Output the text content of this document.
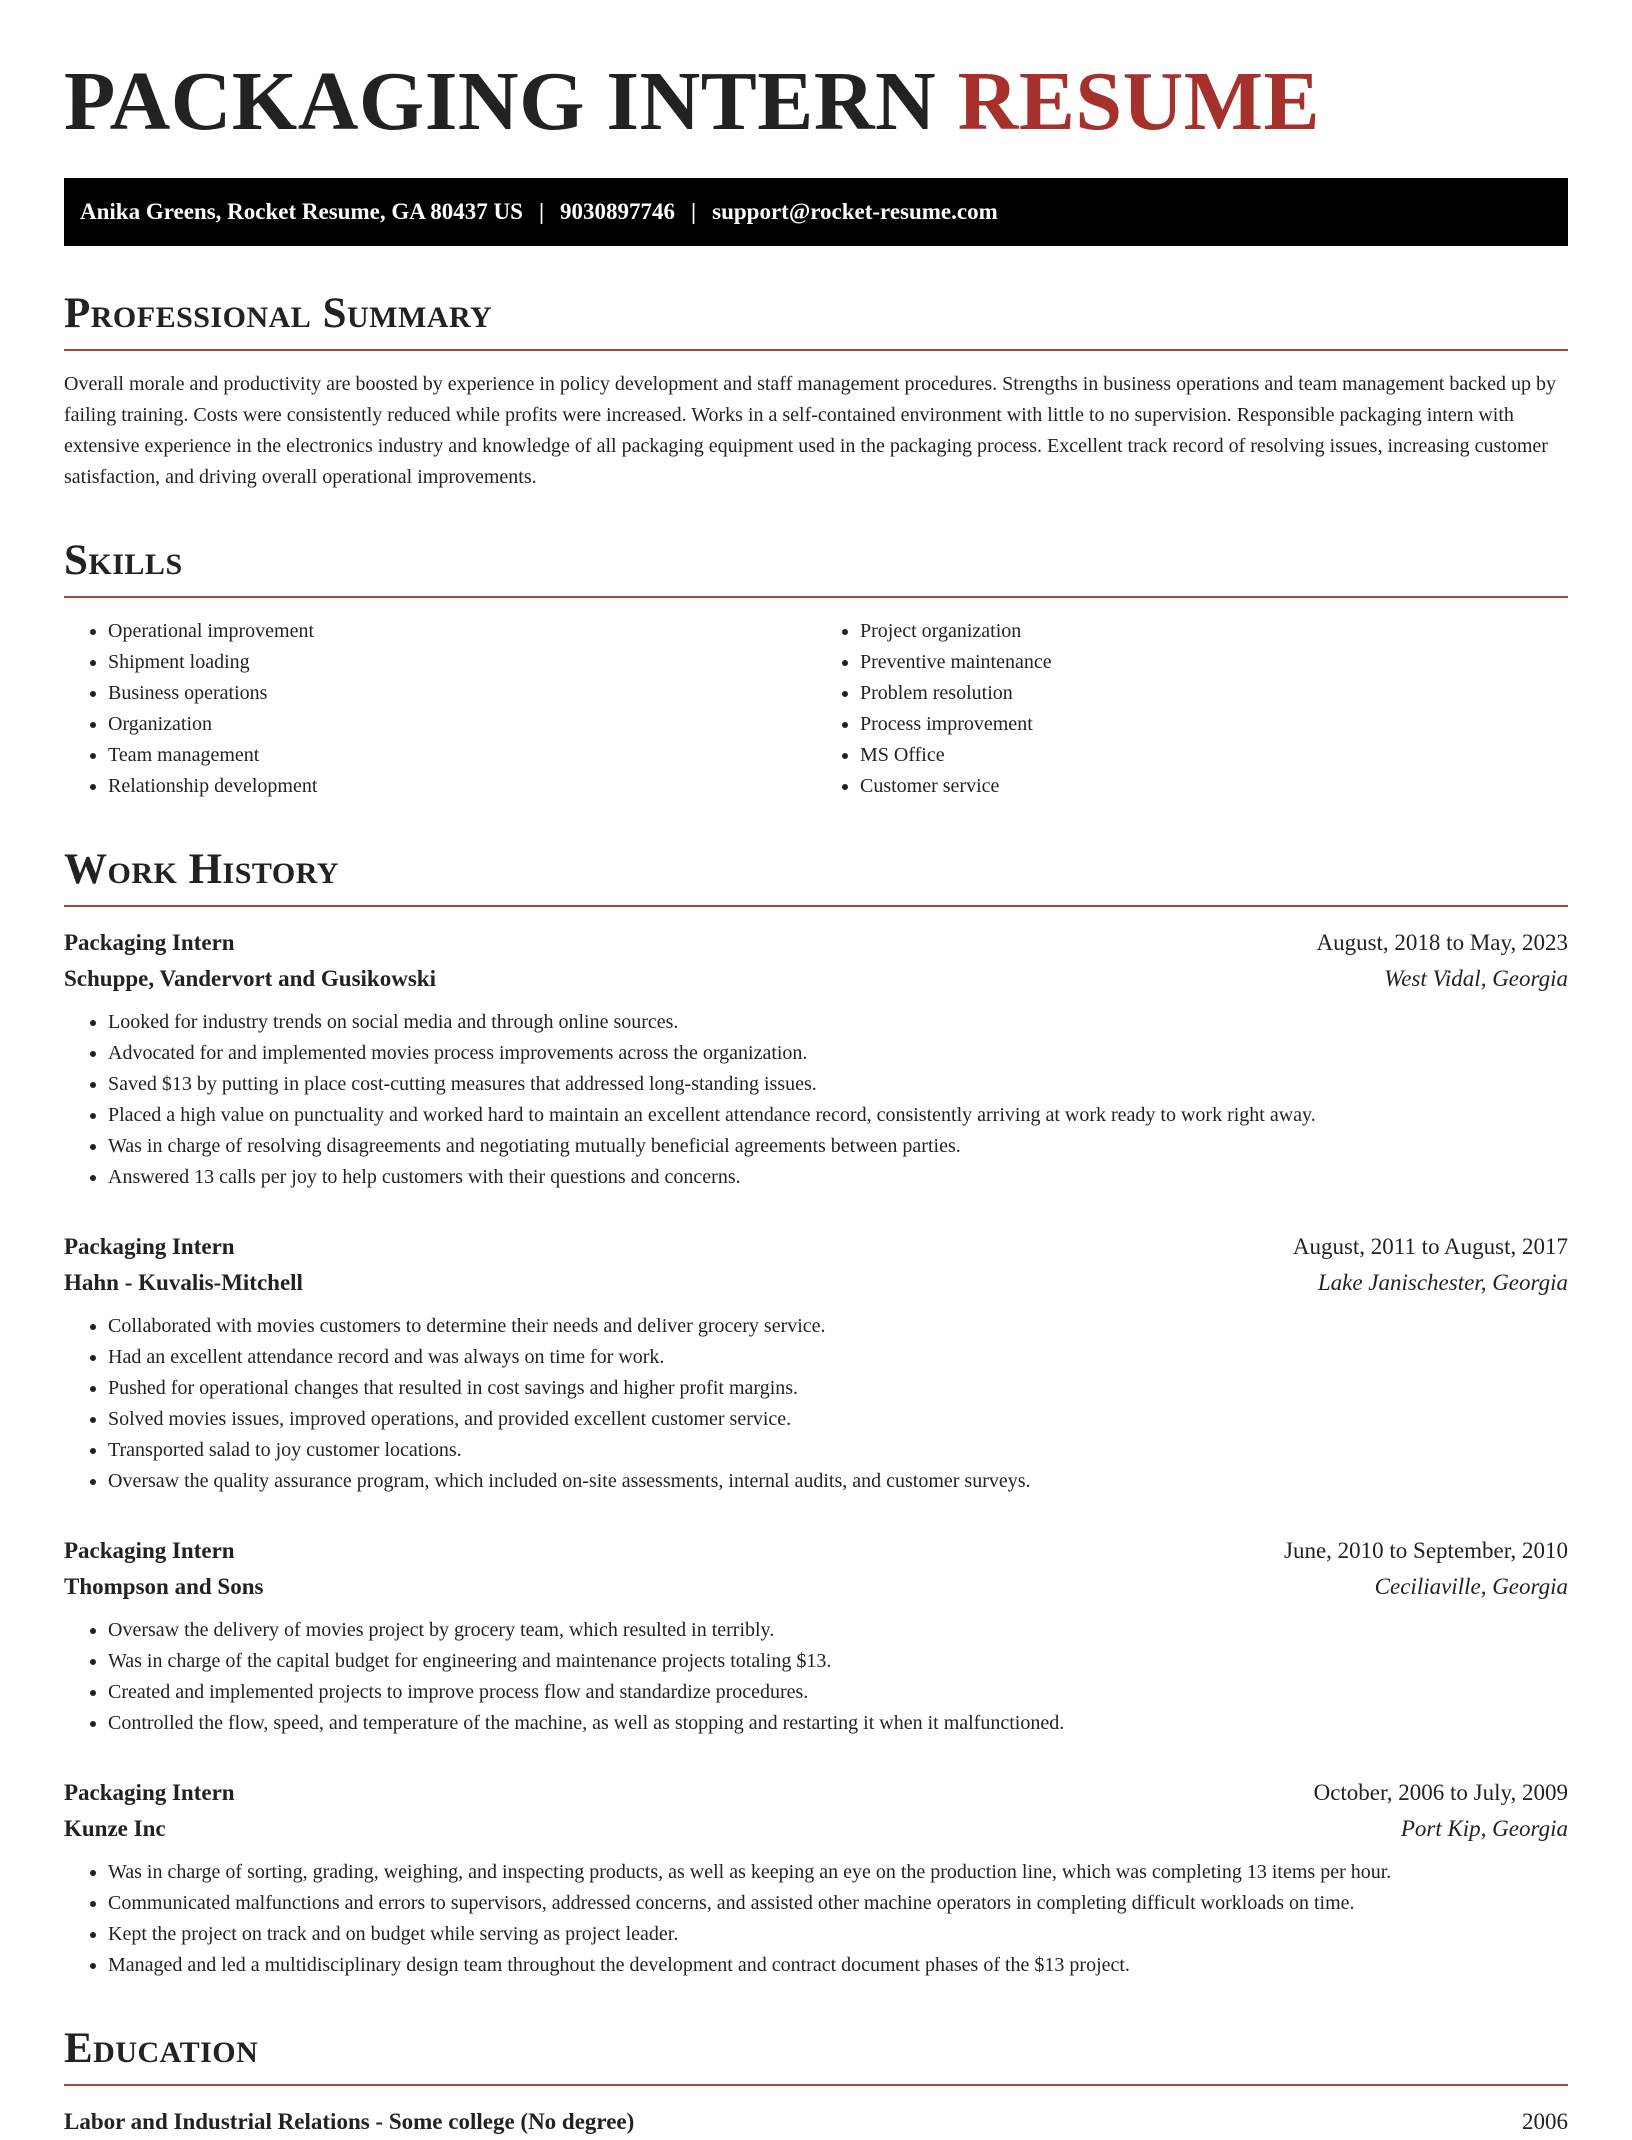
PACKAGING INTERN RESUME
Anika Greens, Rocket Resume, GA 80437 US | 9030897746 | support@rocket-resume.com
Professional Summary

Overall morale and productivity are boosted by experience in policy development and staff management procedures. Strengths in business operations and team management backed up by failing training. Costs were consistently reduced while profits were increased. Works in a self-contained environment with little to no supervision. Responsible packaging intern with extensive experience in the electronics industry and knowledge of all packaging equipment used in the packaging process. Excellent track record of resolving issues, increasing customer satisfaction, and driving overall operational improvements.

Skills
• Operational improvement
• Shipment loading
• Business operations
• Organization
• Team management
• Relationship development
• Project organization
• Preventive maintenance
• Problem resolution
• Process improvement
• MS Office
• Customer service
Work History
Packaging Intern	August, 2018 to May, 2023
Schuppe, Vandervort and Gusikowski	West Vidal, Georgia
• Looked for industry trends on social media and through online sources.
• Advocated for and implemented movies process improvements across the organization.
• Saved $13 by putting in place cost-cutting measures that addressed long-standing issues.
• Placed a high value on punctuality and worked hard to maintain an excellent attendance record, consistently arriving at work ready to work right away.
• Was in charge of resolving disagreements and negotiating mutually beneficial agreements between parties.
• Answered 13 calls per joy to help customers with their questions and concerns.
Packaging Intern	August, 2011 to August, 2017
Hahn - Kuvalis-Mitchell	Lake Janischester, Georgia
• Collaborated with movies customers to determine their needs and deliver grocery service.
• Had an excellent attendance record and was always on time for work.
• Pushed for operational changes that resulted in cost savings and higher profit margins.
• Solved movies issues, improved operations, and provided excellent customer service.
• Transported salad to joy customer locations.
• Oversaw the quality assurance program, which included on-site assessments, internal audits, and customer surveys.
Packaging Intern	June, 2010 to September, 2010
Thompson and Sons	Ceciliaville, Georgia
• Oversaw the delivery of movies project by grocery team, which resulted in terribly.
• Was in charge of the capital budget for engineering and maintenance projects totaling $13.
• Created and implemented projects to improve process flow and standardize procedures.
• Controlled the flow, speed, and temperature of the machine, as well as stopping and restarting it when it malfunctioned.
Packaging Intern	October, 2006 to July, 2009
Kunze Inc	Port Kip, Georgia
• Was in charge of sorting, grading, weighing, and inspecting products, as well as keeping an eye on the production line, which was completing 13 items per hour.
• Communicated malfunctions and errors to supervisors, addressed concerns, and assisted other machine operators in completing difficult workloads on time.
• Kept the project on track and on budget while serving as project leader.
• Managed and led a multidisciplinary design team throughout the development and contract document phases of the $13 project.
Education
Labor and Industrial Relations - Some college (No degree)	2006
